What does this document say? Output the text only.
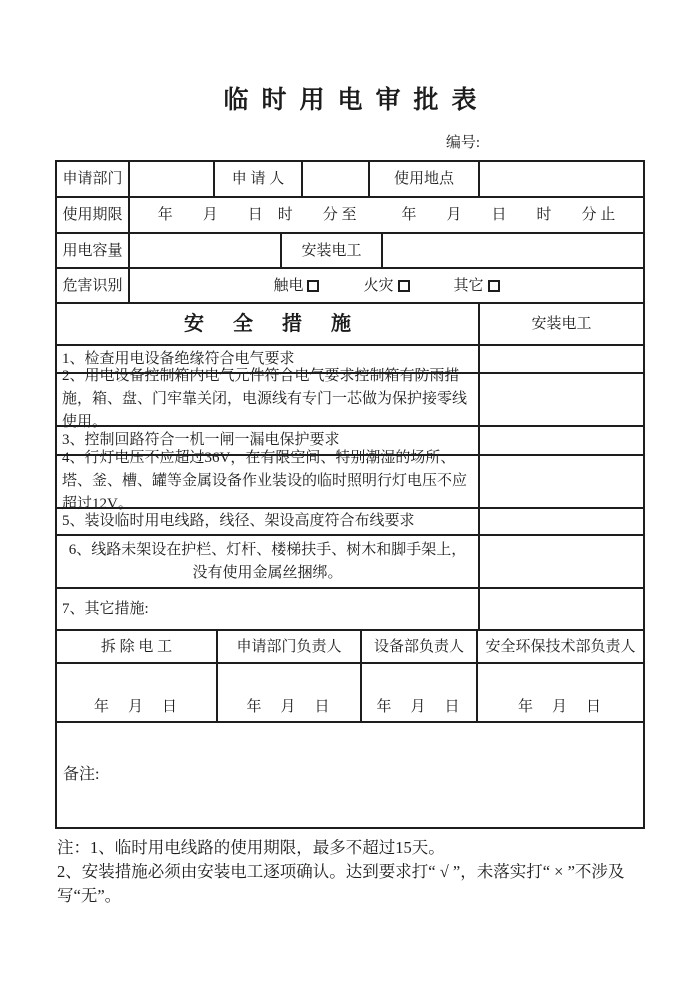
临时用电审批表
编号:
申请部门	申 请 人	使用地点
使用期限	年　　月　　日　时　　分 至　　　年　　月　　日　　时　　分 止
用电容量	安装电工
危害识别	触电	火灾	其它
安 全 措 施	安装电工
1、检查用电设备绝缘符合电气要求
2、用电设备控制箱内电气元件符合电气要求控制箱有防雨措施，箱、盘、门牢靠关闭，电源线有专门一芯做为保护接零线使用。
3、控制回路符合一机一闸一漏电保护要求
4、行灯电压不应超过36V，在有限空间、特别潮湿的场所、塔、釜、槽、罐等金属设备作业装设的临时照明行灯电压不应超过12V。
5、装设临时用电线路，线径、架设高度符合布线要求
6、线路未架设在护栏、灯杆、楼梯扶手、树木和脚手架上，没有使用金属丝捆绑。
7、其它措施:
拆 除 电 工	申请部门负责人	设备部负责人	安全环保技术部负责人
年　月　日	年　月　日	年　月　日	年　月　日
备注:

注：1、临时用电线路的使用期限，最多不超过15天。

2、安装措施必须由安装电工逐项确认。达到要求打“ √ ”，未落实打“ × ”不涉及写“无”。
